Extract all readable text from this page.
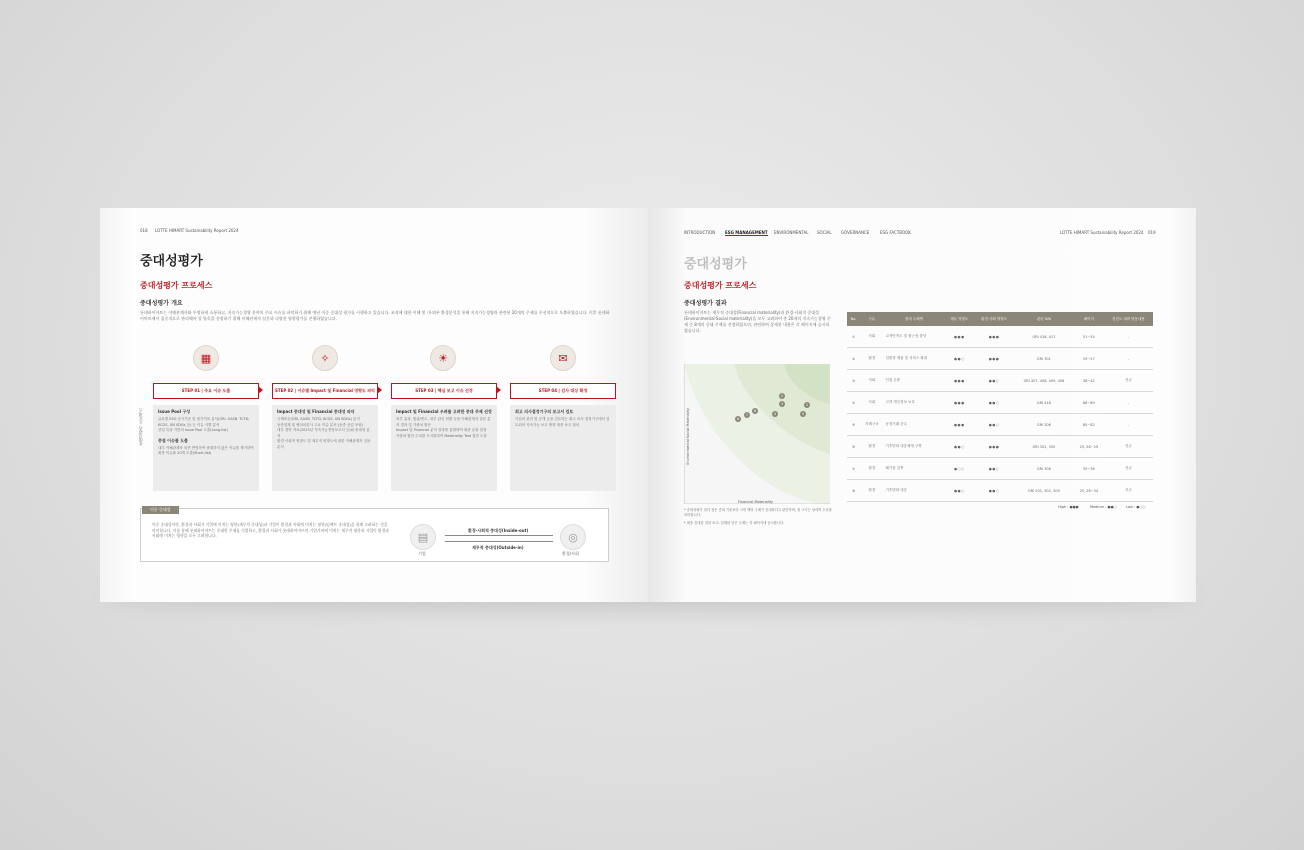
018 LOTTE HIMART Sustainability Report 2024
중대성평가
중대성평가 프로세스
중대성평가 개요
롯데하이마트는 이해관계자와 투명하게 소통하고, 지속가능경영 분야의 주요 이슈를 파악하기 위해 매년 이중 중대성 평가를 시행하고 있습니다. 조직에 대한 이해 및 내·외부 환경분석을 통해 지속가능경영과 관련된 20개의 주제를 우선적으로 도출하였습니다. 이후 롯데하이마트에서 집중적으로 관리해야 할 항목을 선정하기 위해 이해관계자 설문과 다양한 영향평가를 진행하였습니다.
▦	✧	☀	✉
중대성평가 프로세스
STEP 01 | 주요 이슈 도출	STEP 02 | 이슈별 Impact 및 Financial 영향도 파악	STEP 03 | 핵심 보고 이슈 선정	STEP 04 | 검사 대상 확정
Issue Pool 구성
글로벌 ESG 공시기준 및 평가지표 분석(GRI, SASB, TCFD, KCGS, UN SDGs 등) 등 이슈 식별 분석
산업 특성 기반의 Issue Pool 도출(Long-list)
중점 이슈풀 도출
내부 이해관계자 의견 반영하여 중대하지 않은 이슈를 제거하여 최종 이슈풀 20개 도출(Short-list)
Impact 중대성 및 Financial 중대성 파악
국제표준(GRI, SASB, TCFD, KCGS, UN SDGs) 분석
동종업계 및 벤치마킹사 주요 이슈 분석 (동종 산업 포함)
내부 경영 자료(2023년 지속가능경영보고서 등)와 중대성 분석
환경·사회적 영향도 및 재무적 영향도에 대한 이해관계자 설문 분석
Impact 및 Financial 우려를 고려한 중대 주제 선정
외부 효과, 범위/빈도, 내부 관리 현황 등을 이해관계자 설문 분석 결과 및 가중치 합산
Impact 및 Financial 분석 결과를 통합하여 최종 순위 결정
가중치 합산 수치를 도식화하여 Materiality Test 결과 도출
최고 의사결정기구의 보고서 검토
기업의 관리 및 공개 등을 검토하는 최고 의사 결정기구에서 검토되어 지속가능 보고 방향 최종 보고 절차
이중 중대성
이중 중대성이란, 환경과 사회가 기업에 미치는 영향(재무적 중대성)과 기업이 환경과 사회에 미치는 영향(임팩트 중대성)을 함께 고려하는 것을 의미합니다. 이를 통해 롯데하이마트는 중대한 주제를 식별하고, 환경과 사회가 롯데하이마트의 기업가치에 미치는 재무적 영향과 기업이 환경과 사회에 미치는 영향을 모두 고려합니다.	▤
기업
◎
환경/사회
환경·사회적 중대성(Inside-out)
재무적 중대성(Outside-in)
INTRODUCTION ESG MANAGEMENT ENVIRONMENTAL SOCIAL GOVERNANCE	ESG FACTBOOK	LOTTE HIMART Sustainability Report 2024 019
중대성평가
중대성평가 프로세스
중대성평가 결과
롯데하이마트는 재무적 중대성(Financial materiality)과 환경·사회적 중대성(Environmental·Social materiality)을 모두 고려하여 총 20개의 지속가능경영 주제 중 8개의 중대 주제를 선정하였으며, 관련하여 상세한 내용은 각 페이지에 공시하였습니다.
Financial Materiality
Environmental·Social Materiality
* 중대성평가 결과 점은 중대 기준보다 크면 해당 주제가 중대하다고 판단하며, 점 크기는 상대적 수준을 의미합니다.
* 최종 중대한 결과 보고: 임계를 넘은 주제는 각 페이지에 공시합니다.
No.	구분	중대 주제명	재무 영향도	환경·사회 영향도	관련 GRI	페이지	전년도 대비 변동내용
①	사회	고객만족도 및 접근성 향상	●●●	●●●	GRI 416, 417	51~54	-
②	환경	친환경 제품 및 서비스 확대	●●○	●●●	GRI 301	29~27	-
③	사회	인권 존중	●●●	●●○	GRI 407, 408, 409, 406	38~42	신규
④	사회	고객 개인정보 보호	●●●	●●○	GRI 418	66~69	-
⑤	지배구조	공정거래 준수	●●●	●●○	GRI 206	80~82	-
⑥	환경	기후변화 대응체계 구축	●●○	●●●	GRI 302, 305	25, 28~29	신규
⑦	환경	폐기물 감축	●○○	●●○	GRI 306	35~36	신규
⑧	환경	기후변화 대응	●●○	●●○	GRI 201, 302, 305	25, 28~34	신규
High : ●●●	Medium : ●●○	Low : ●○○
1
2
3
4	5
6
7
8
